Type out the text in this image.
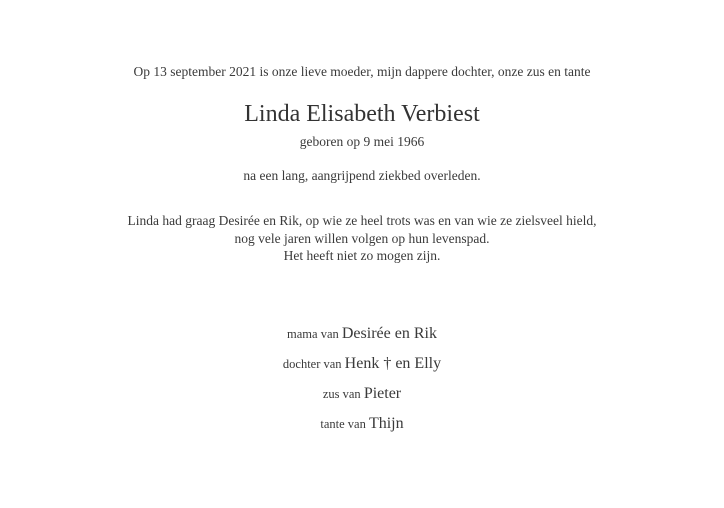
Op 13 september 2021 is onze lieve moeder, mijn dappere dochter, onze zus en tante
Linda Elisabeth Verbiest
geboren op 9 mei 1966
na een lang, aangrijpend ziekbed overleden.
Linda had graag Desirée en Rik, op wie ze heel trots was en van wie ze zielsveel hield,
nog vele jaren willen volgen op hun levenspad.
Het heeft niet zo mogen zijn.
mama van Desirée en Rik
dochter van Henk † en Elly
zus van Pieter
tante van Thijn
